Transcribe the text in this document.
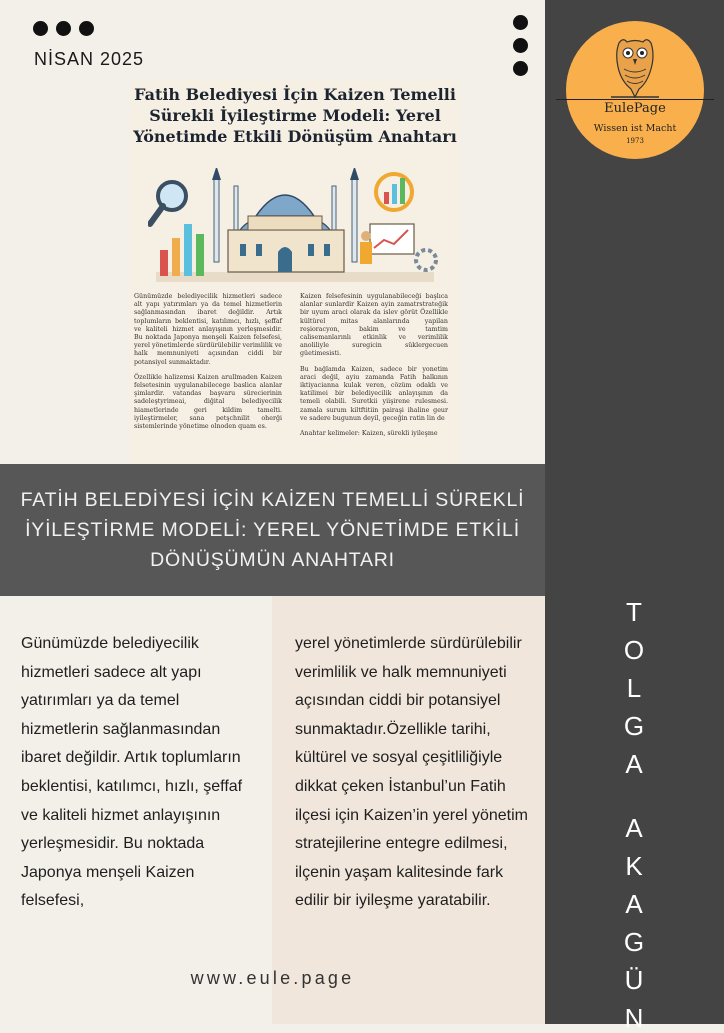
NİSAN 2025
EulePage
Wissen ist Macht
1973
Fatih Belediyesi İçin Kaizen Temelli Sürekli İyileştirme Modeli: Yerel Yönetimde Etkili Dönüşüm Anahtarı

Günümüzde belediyecilik hizmetleri sadece alt yapı yatırımları ya da temel hizmetlerin sağlanmasından ibaret değildir. Artık toplumların beklentisi, katılımcı, hızlı, şeffaf ve kaliteli hizmet anlayışının yerleşmesidir. Bu noktada Japonya menşeli Kaizen felsefesi, yerel yönetimlerde sürdürülebilir verimlilik ve halk memnuniyeti açısından ciddi bir potansiyel sunmaktadır.

Özellikle halizemsi Kaizen arullmaden Kaizen felsetesinin uygulanabilecege baslica alanlar şimlardir. vatandas başvaru sürecierinin sadeleştyrimeai, diğital belediyecilik hiametlerinde geri kildim tamelti. iyileştirmeler, sana petşchnilit oherği sistemlerinde yönetime olnoden quam es.

Kaizen felsefesinin uygulanabileceği başlıca alanlar sunlardir Kaizen ayin zamatrstrateğik bir uyum araci olarak da islev görüt Özellikle kültürel mitas alanlarında yapilan reşioracyon, bakim ve tamtim calisemanlarınlı etkinlik ve verimlilik anoliliyle suregicin süklergecuen güetimesisti.

Bu bağlamda Kaizen, sadece bir yonetim araci değil, ayiu zamanda Fatih halkının iktiyacianna kulak veren, cözüm odaklı ve katilimei bir belediyecilik anlayışının da temeli olabili. Suretkii yiişirene rulesmesi. zamala surum kiltftitiin pairaşi ihaline geur ve sadere bugunun deyil, geceğin ratin lin de

Anahtar kelimeler: Kaizen, sürekli iyileşme

FATİH BELEDİYESİ İÇİN KAİZEN TEMELLİ SÜREKLİ İYİLEŞTİRME MODELİ: YEREL YÖNETİMDE ETKİLİ DÖNÜŞÜMÜN ANAHTARI

Günümüzde belediyecilik hizmetleri sadece alt yapı yatırımları ya da temel hizmetlerin sağlanmasından ibaret değildir. Artık toplumların beklentisi, katılımcı, hızlı, şeffaf ve kaliteli hizmet anlayışının yerleşmesidir. Bu noktada Japonya menşeli Kaizen felsefesi,

yerel yönetimlerde sürdürülebilir verimlilik ve halk memnuniyeti açısından ciddi bir potansiyel sunmaktadır.Özellikle tarihi, kültürel ve sosyal çeşitliliğiyle dikkat çeken İstanbul’un Fatih ilçesi için Kaizen’in yerel yönetim stratejilerine entegre edilmesi, ilçenin yaşam kalitesinde fark edilir bir iyileşme yaratabilir.

www.eule.page
T
O
L
G
A

A
K
A
G
Ü
N
